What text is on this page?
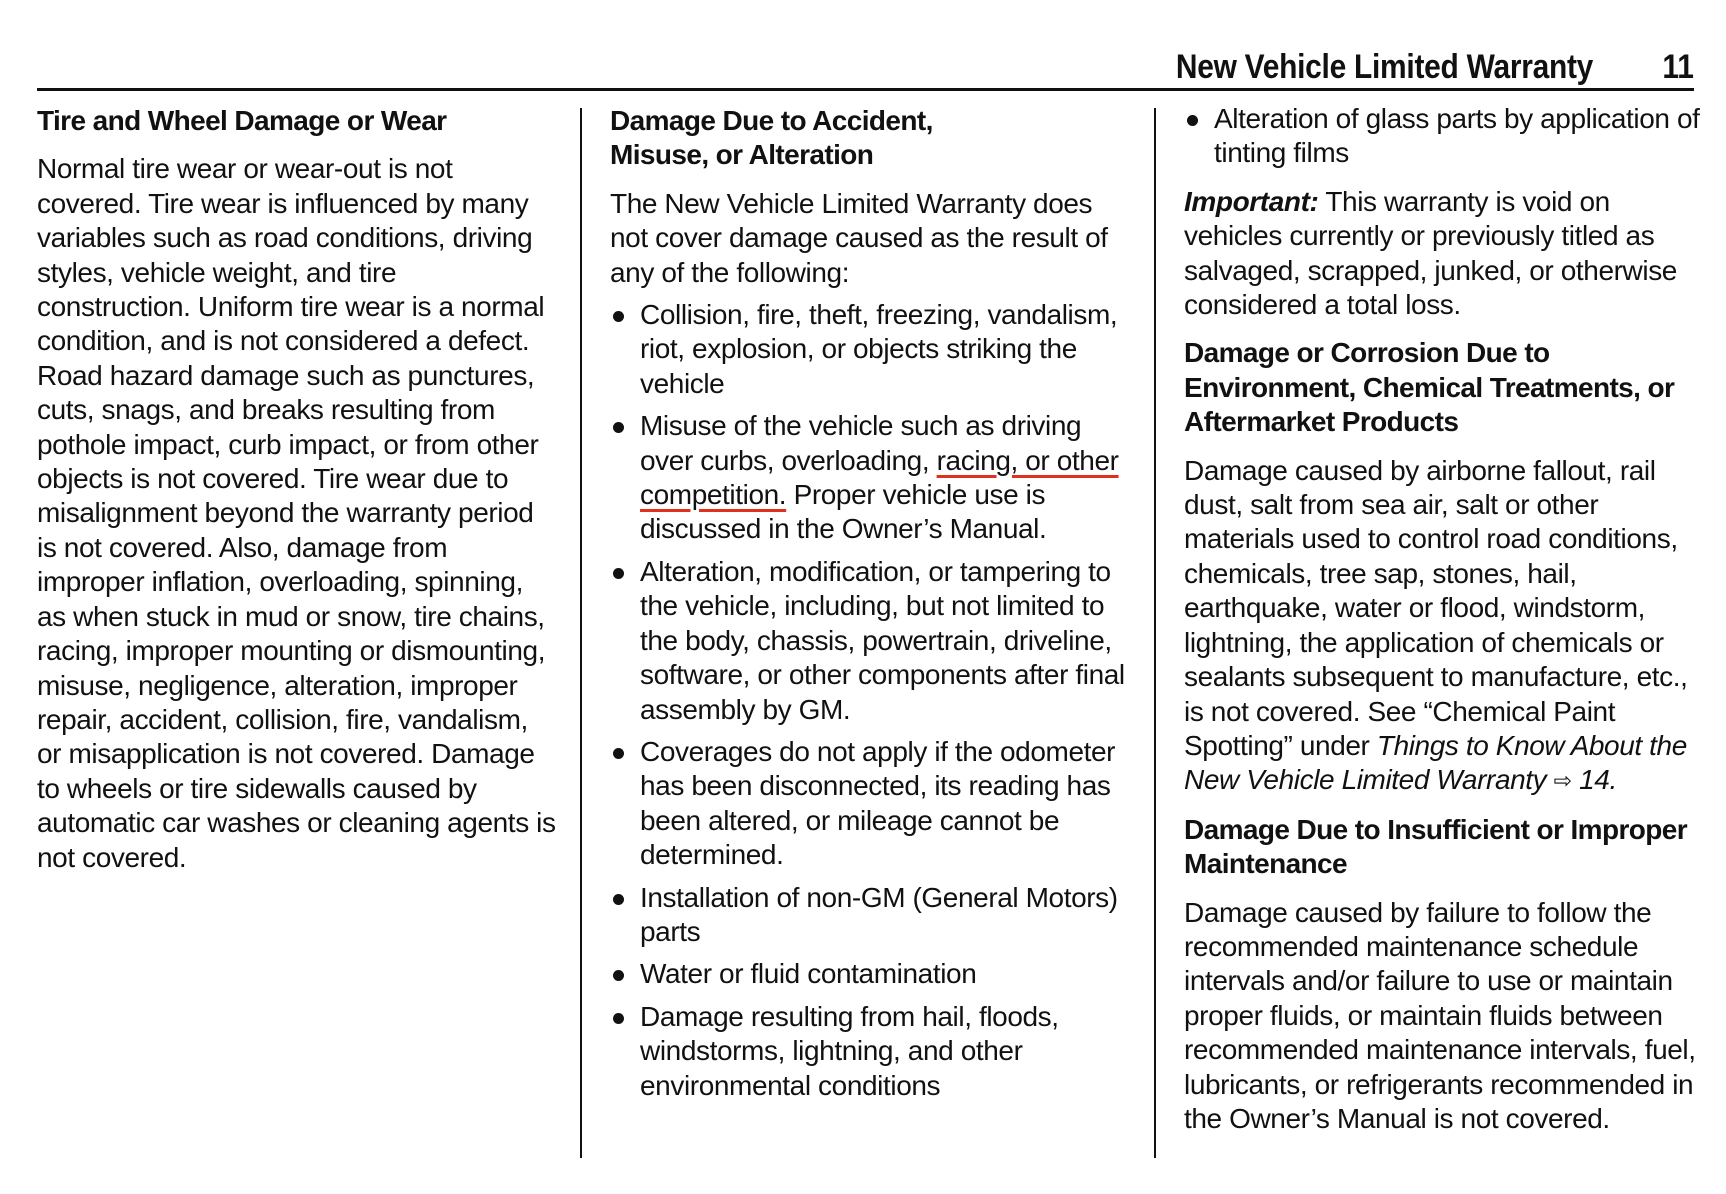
New Vehicle Limited Warranty 11
Tire and Wheel Damage or Wear

Normal tire wear or wear-out is not covered. Tire wear is influenced by many variables such as road conditions, driving styles, vehicle weight, and tire construction. Uniform tire wear is a normal condition, and is not considered a defect. Road hazard damage such as punctures, cuts, snags, and breaks resulting from pothole impact, curb impact, or from other objects is not covered. Tire wear due to misalignment beyond the warranty period is not covered. Also, damage from improper inflation, overloading, spinning, as when stuck in mud or snow, tire chains, racing, improper mounting or dismounting, misuse, negligence, alteration, improper repair, accident, collision, fire, vandalism, or misapplication is not covered. Damage to wheels or tire sidewalls caused by automatic car washes or cleaning agents is not covered.

Damage Due to Accident, Misuse, or Alteration

The New Vehicle Limited Warranty does not cover damage caused as the result of any of the following:

Collision, fire, theft, freezing, vandalism, riot, explosion, or objects striking the vehicle
Misuse of the vehicle such as driving over curbs, overloading, racing, or other competition. Proper vehicle use is discussed in the Owner’s Manual.
Alteration, modification, or tampering to the vehicle, including, but not limited to the body, chassis, powertrain, driveline, software, or other components after final assembly by GM.
Coverages do not apply if the odometer has been disconnected, its reading has been altered, or mileage cannot be determined.
Installation of non-GM (General Motors) parts
Water or fluid contamination
Damage resulting from hail, floods, windstorms, lightning, and other environmental conditions
Alteration of glass parts by application of tinting films

Important: This warranty is void on vehicles currently or previously titled as salvaged, scrapped, junked, or otherwise considered a total loss.

Damage or Corrosion Due to Environment, Chemical Treatments, or Aftermarket Products

Damage caused by airborne fallout, rail dust, salt from sea air, salt or other materials used to control road conditions, chemicals, tree sap, stones, hail, earthquake, water or flood, windstorm, lightning, the application of chemicals or sealants subsequent to manufacture, etc., is not covered. See “Chemical Paint Spotting” under Things to Know About the New Vehicle Limited Warranty ⇨ 14.

Damage Due to Insufficient or Improper Maintenance

Damage caused by failure to follow the recommended maintenance schedule intervals and/or failure to use or maintain proper fluids, or maintain fluids between recommended maintenance intervals, fuel, lubricants, or refrigerants recommended in the Owner’s Manual is not covered.
